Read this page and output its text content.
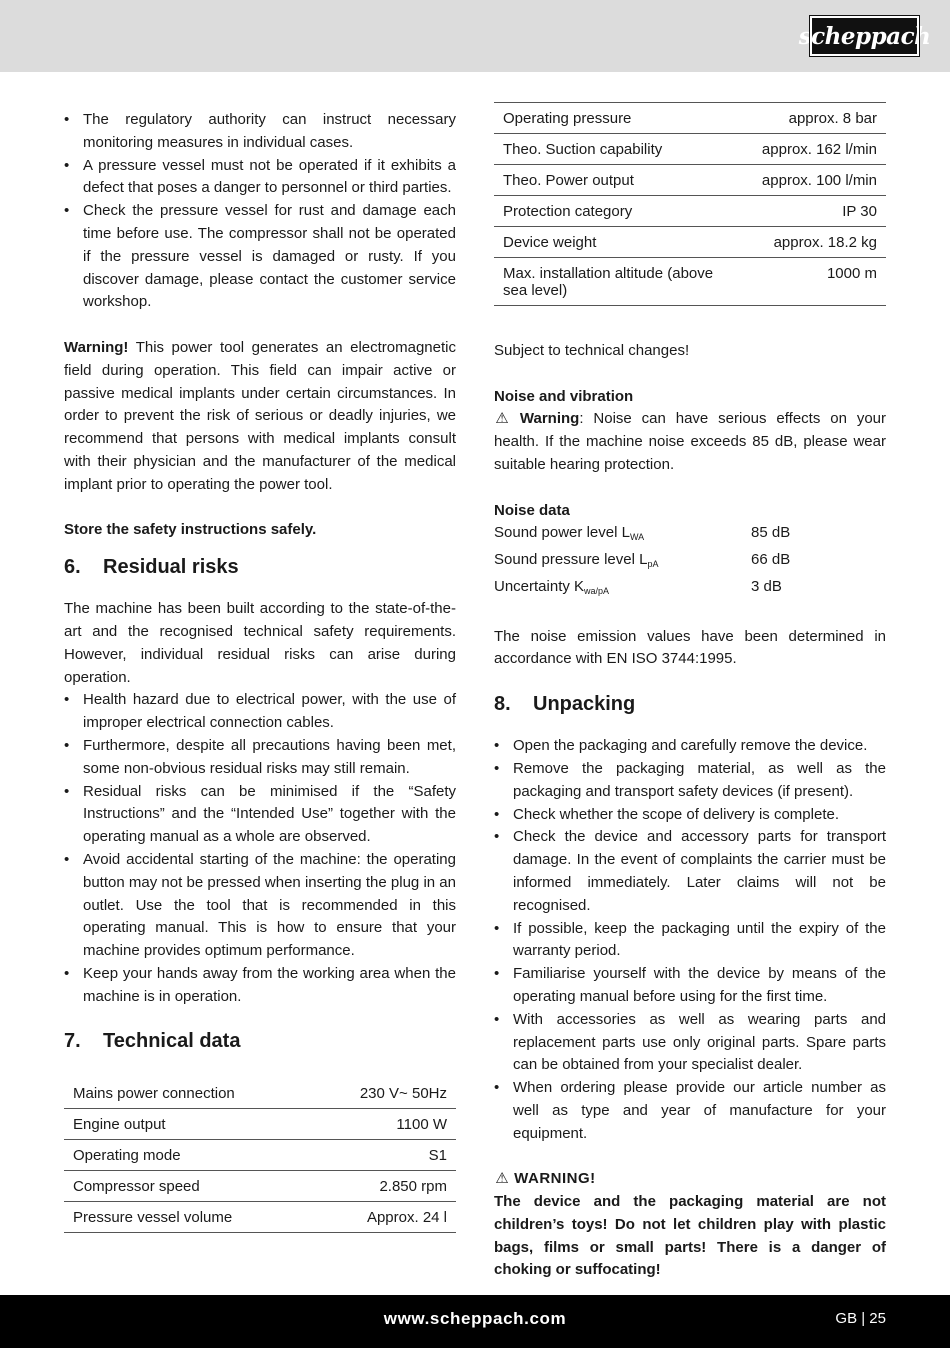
scheppach
• The regulatory authority can instruct necessary monitoring measures in individual cases.
• A pressure vessel must not be operated if it exhibits a defect that poses a danger to personnel or third parties.
• Check the pressure vessel for rust and damage each time before use. The compressor shall not be operated if the pressure vessel is damaged or rusty. If you discover damage, please contact the customer service workshop.

Warning! This power tool generates an electromagnetic field during operation. This field can impair active or passive medical implants under certain circumstances. In order to prevent the risk of serious or deadly injuries, we recommend that persons with medical implants consult with their physician and the manufacturer of the medical implant prior to operating the power tool.

Store the safety instructions safely.

6.	Residual risks

The machine has been built according to the state-of-the-art and the recognised technical safety requirements. However, individual residual risks can arise during operation.

• Health hazard due to electrical power, with the use of improper electrical connection cables.
• Furthermore, despite all precautions having been met, some non-obvious residual risks may still remain.
• Residual risks can be minimised if the “Safety Instructions” and the “Intended Use” together with the operating manual as a whole are observed.
• Avoid accidental starting of the machine: the operating button may not be pressed when inserting the plug in an outlet. Use the tool that is recommended in this operating manual. This is how to ensure that your machine provides optimum performance.
• Keep your hands away from the working area when the machine is in operation.
7.	Technical data
Mains power connection	230 V~ 50Hz
Engine output	1100 W
Operating mode	S1
Compressor speed	2.850 rpm
Pressure vessel volume	Approx. 24 l
Operating pressure	approx. 8 bar
Theo. Suction capability	approx. 162 l/min
Theo. Power output	approx. 100 l/min
Protection category	IP 30
Device weight	approx. 18.2 kg
Max. installation altitude (above sea level)	1000 m

Subject to technical changes!

Noise and vibration

⚠ Warning: Noise can have serious effects on your health. If the machine noise exceeds 85 dB, please wear suitable hearing protection.

Noise data

Sound power level $L_{WA}$	85 dB
Sound pressure level $L_{pA}$	66 dB
Uncertainty $K_{wa/pA}$	3 dB

The noise emission values have been determined in accordance with EN ISO 3744:1995.

8.	Unpacking
• Open the packaging and carefully remove the device.
• Remove the packaging material, as well as the packaging and transport safety devices (if present).
• Check whether the scope of delivery is complete.
• Check the device and accessory parts for transport damage. In the event of complaints the carrier must be informed immediately. Later claims will not be recognised.
• If possible, keep the packaging until the expiry of the warranty period.
• Familiarise yourself with the device by means of the operating manual before using for the first time.
• With accessories as well as wearing parts and replacement parts use only original parts. Spare parts can be obtained from your specialist dealer.
• When ordering please provide our article number as well as type and year of manufacture for your equipment.

⚠ WARNING!

The device and the packaging material are not children’s toys! Do not let children play with plastic bags, films or small parts! There is a danger of choking or suffocating!

www.scheppach.com	GB | 25
